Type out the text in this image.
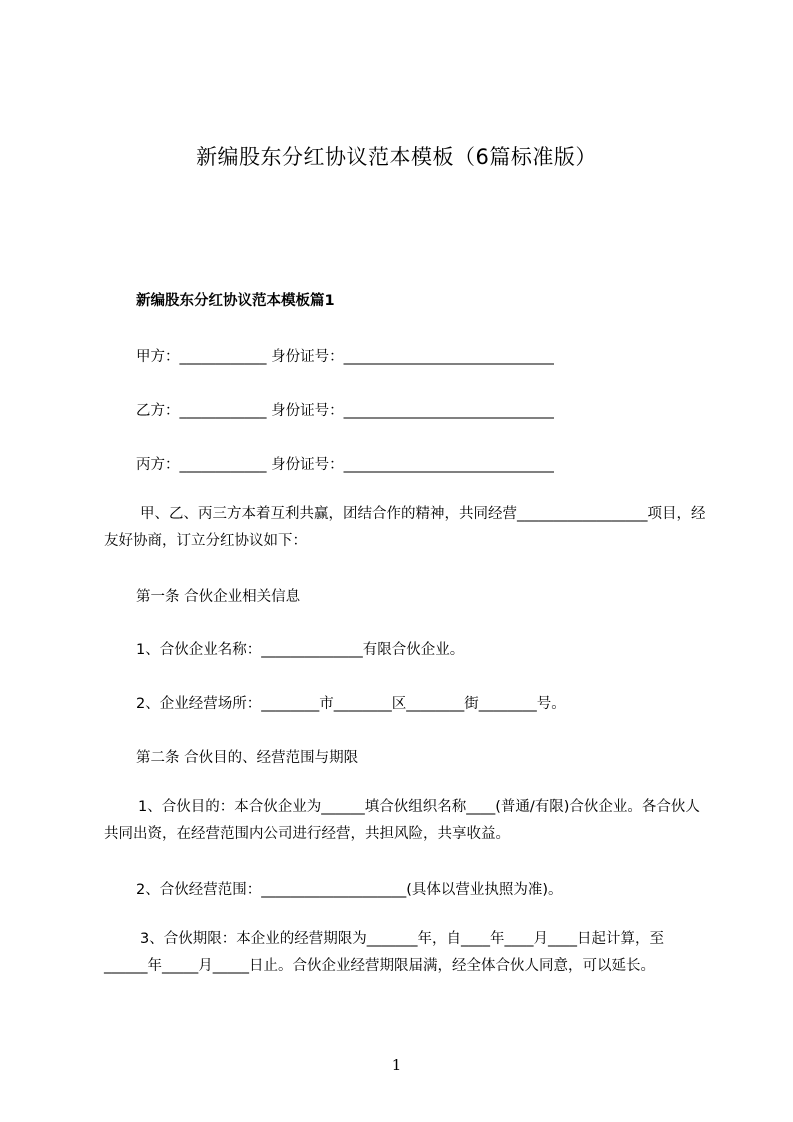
新编股东分红协议范本模板（6篇标准版）
新编股东分红协议范本模板篇1
甲方：____________ 身份证号：_____________________________
乙方：____________ 身份证号：_____________________________
丙方：____________ 身份证号：_____________________________
甲、乙、丙三方本着互利共赢，团结合作的精神，共同经营__________________项目，经友好协商，订立分红协议如下：
第一条 合伙企业相关信息
1、合伙企业名称：______________有限合伙企业。
2、企业经营场所：________市________区________街________号。
第二条 合伙目的、经营范围与期限
1、合伙目的：本合伙企业为______填合伙组织名称____(普通/有限)合伙企业。各合伙人共同出资，在经营范围内公司进行经营，共担风险，共享收益。
2、合伙经营范围：____________________(具体以营业执照为准)。
3、合伙期限：本企业的经营期限为_______年，自____年____月____日起计算，至______年_____月_____日止。合伙企业经营期限届满，经全体合伙人同意，可以延长。
1
